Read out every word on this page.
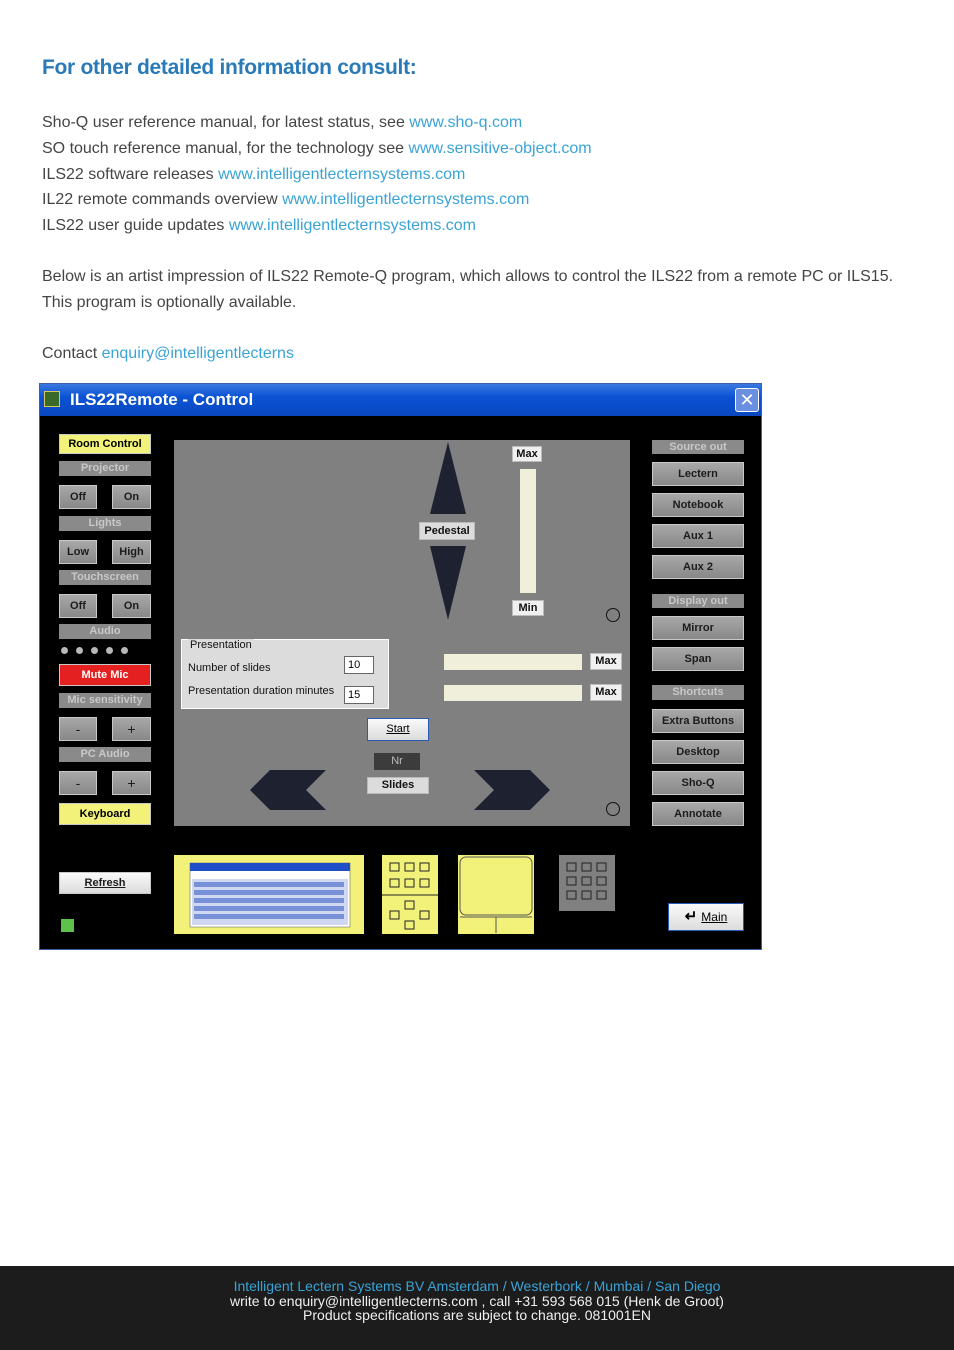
For other detailed information consult:
Sho-Q user reference manual, for latest status, see www.sho-q.com
SO touch reference manual, for the technology see www.sensitive-object.com
ILS22 software releases www.intelligentlecternsystems.com
IL22 remote commands overview www.intelligentlecternsystems.com
ILS22 user guide updates www.intelligentlecternsystems.com
Below is an artist impression of ILS22 Remote-Q program, which allows to control the ILS22 from a remote PC or ILS15.
This program is optionally available.
Contact enquiry@intelligentlecterns
ILS22Remote - Control	✕
Room Control
Projector
Off	On
Lights
Low	High
Touchscreen
Off	On
Audio
Mute Mic
Mic sensitivity
-	+
PC Audio
-	+
Keyboard
Refresh
Pedestal
Max
Min
Presentation
Number of slides	10
Presentation duration minutes	15
Max
Max
Start
Nr
Slides
Source out
Lectern
Notebook
Aux 1
Aux 2
Display out
Mirror
Span
Shortcuts
Extra Buttons
Desktop
Sho-Q
Annotate
↵ Main
Intelligent Lectern Systems BV Amsterdam / Westerbork / Mumbai / San Diego
write to enquiry@intelligentlecterns.com , call +31 593 568 015 (Henk de Groot)
Product specifications are subject to change. 081001EN
